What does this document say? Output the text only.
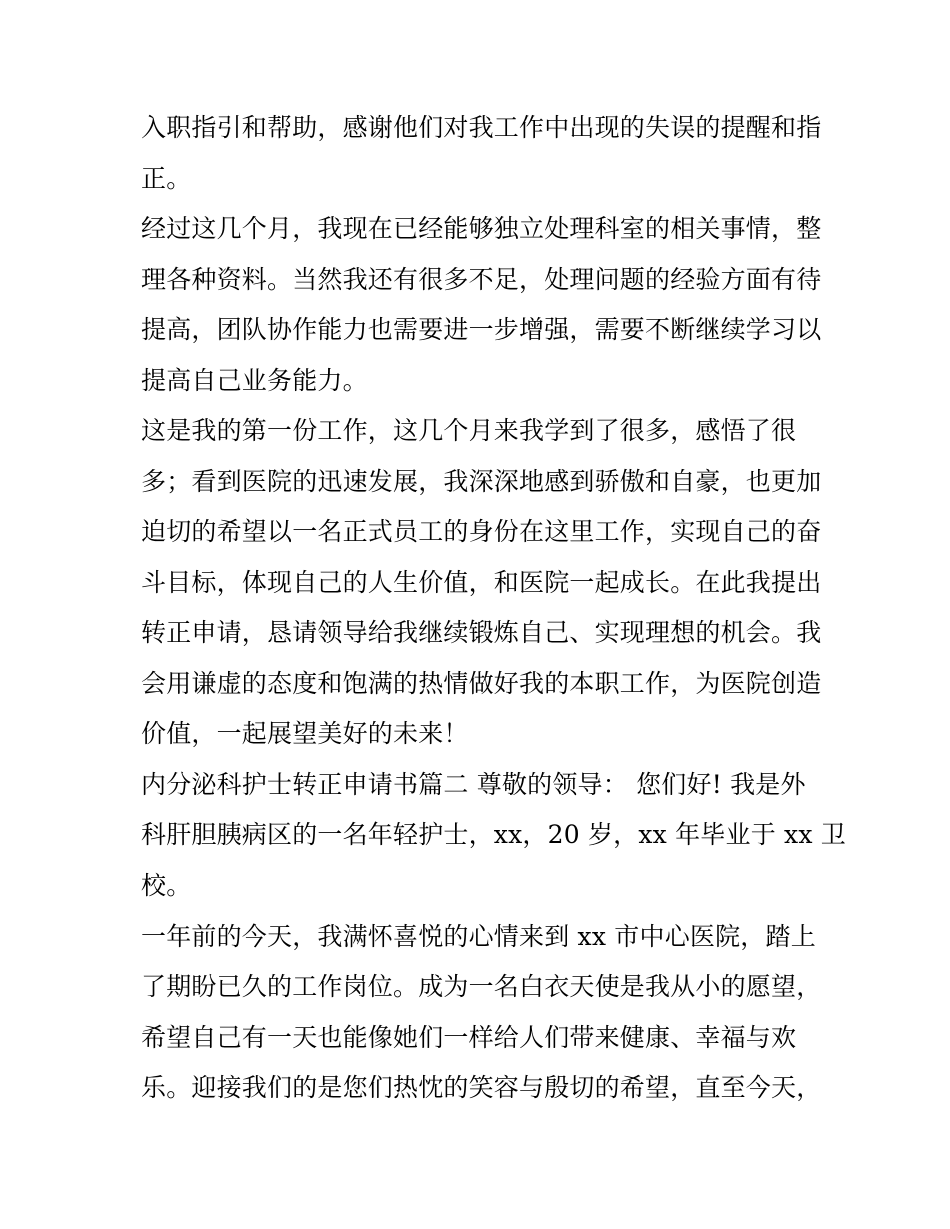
入职指引和帮助，感谢他们对我工作中出现的失误的提醒和指
正。
经过这几个月，我现在已经能够独立处理科室的相关事情，整
理各种资料。当然我还有很多不足，处理问题的经验方面有待
提高，团队协作能力也需要进一步增强，需要不断继续学习以
提高自己业务能力。
这是我的第一份工作，这几个月来我学到了很多，感悟了很
多；看到医院的迅速发展，我深深地感到骄傲和自豪，也更加
迫切的希望以一名正式员工的身份在这里工作，实现自己的奋
斗目标，体现自己的人生价值，和医院一起成长。在此我提出
转正申请，恳请领导给我继续锻炼自己、实现理想的机会。我
会用谦虚的态度和饱满的热情做好我的本职工作，为医院创造
价值，一起展望美好的未来！
内分泌科护士转正申请书篇二 尊敬的领导： 您们好! 我是外
科肝胆胰病区的一名年轻护士，xx，20 岁，xx 年毕业于 xx 卫
校。
一年前的今天，我满怀喜悦的心情来到 xx 市中心医院，踏上
了期盼已久的工作岗位。成为一名白衣天使是我从小的愿望，
希望自己有一天也能像她们一样给人们带来健康、幸福与欢
乐。迎接我们的是您们热忱的笑容与殷切的希望，直至今天，
